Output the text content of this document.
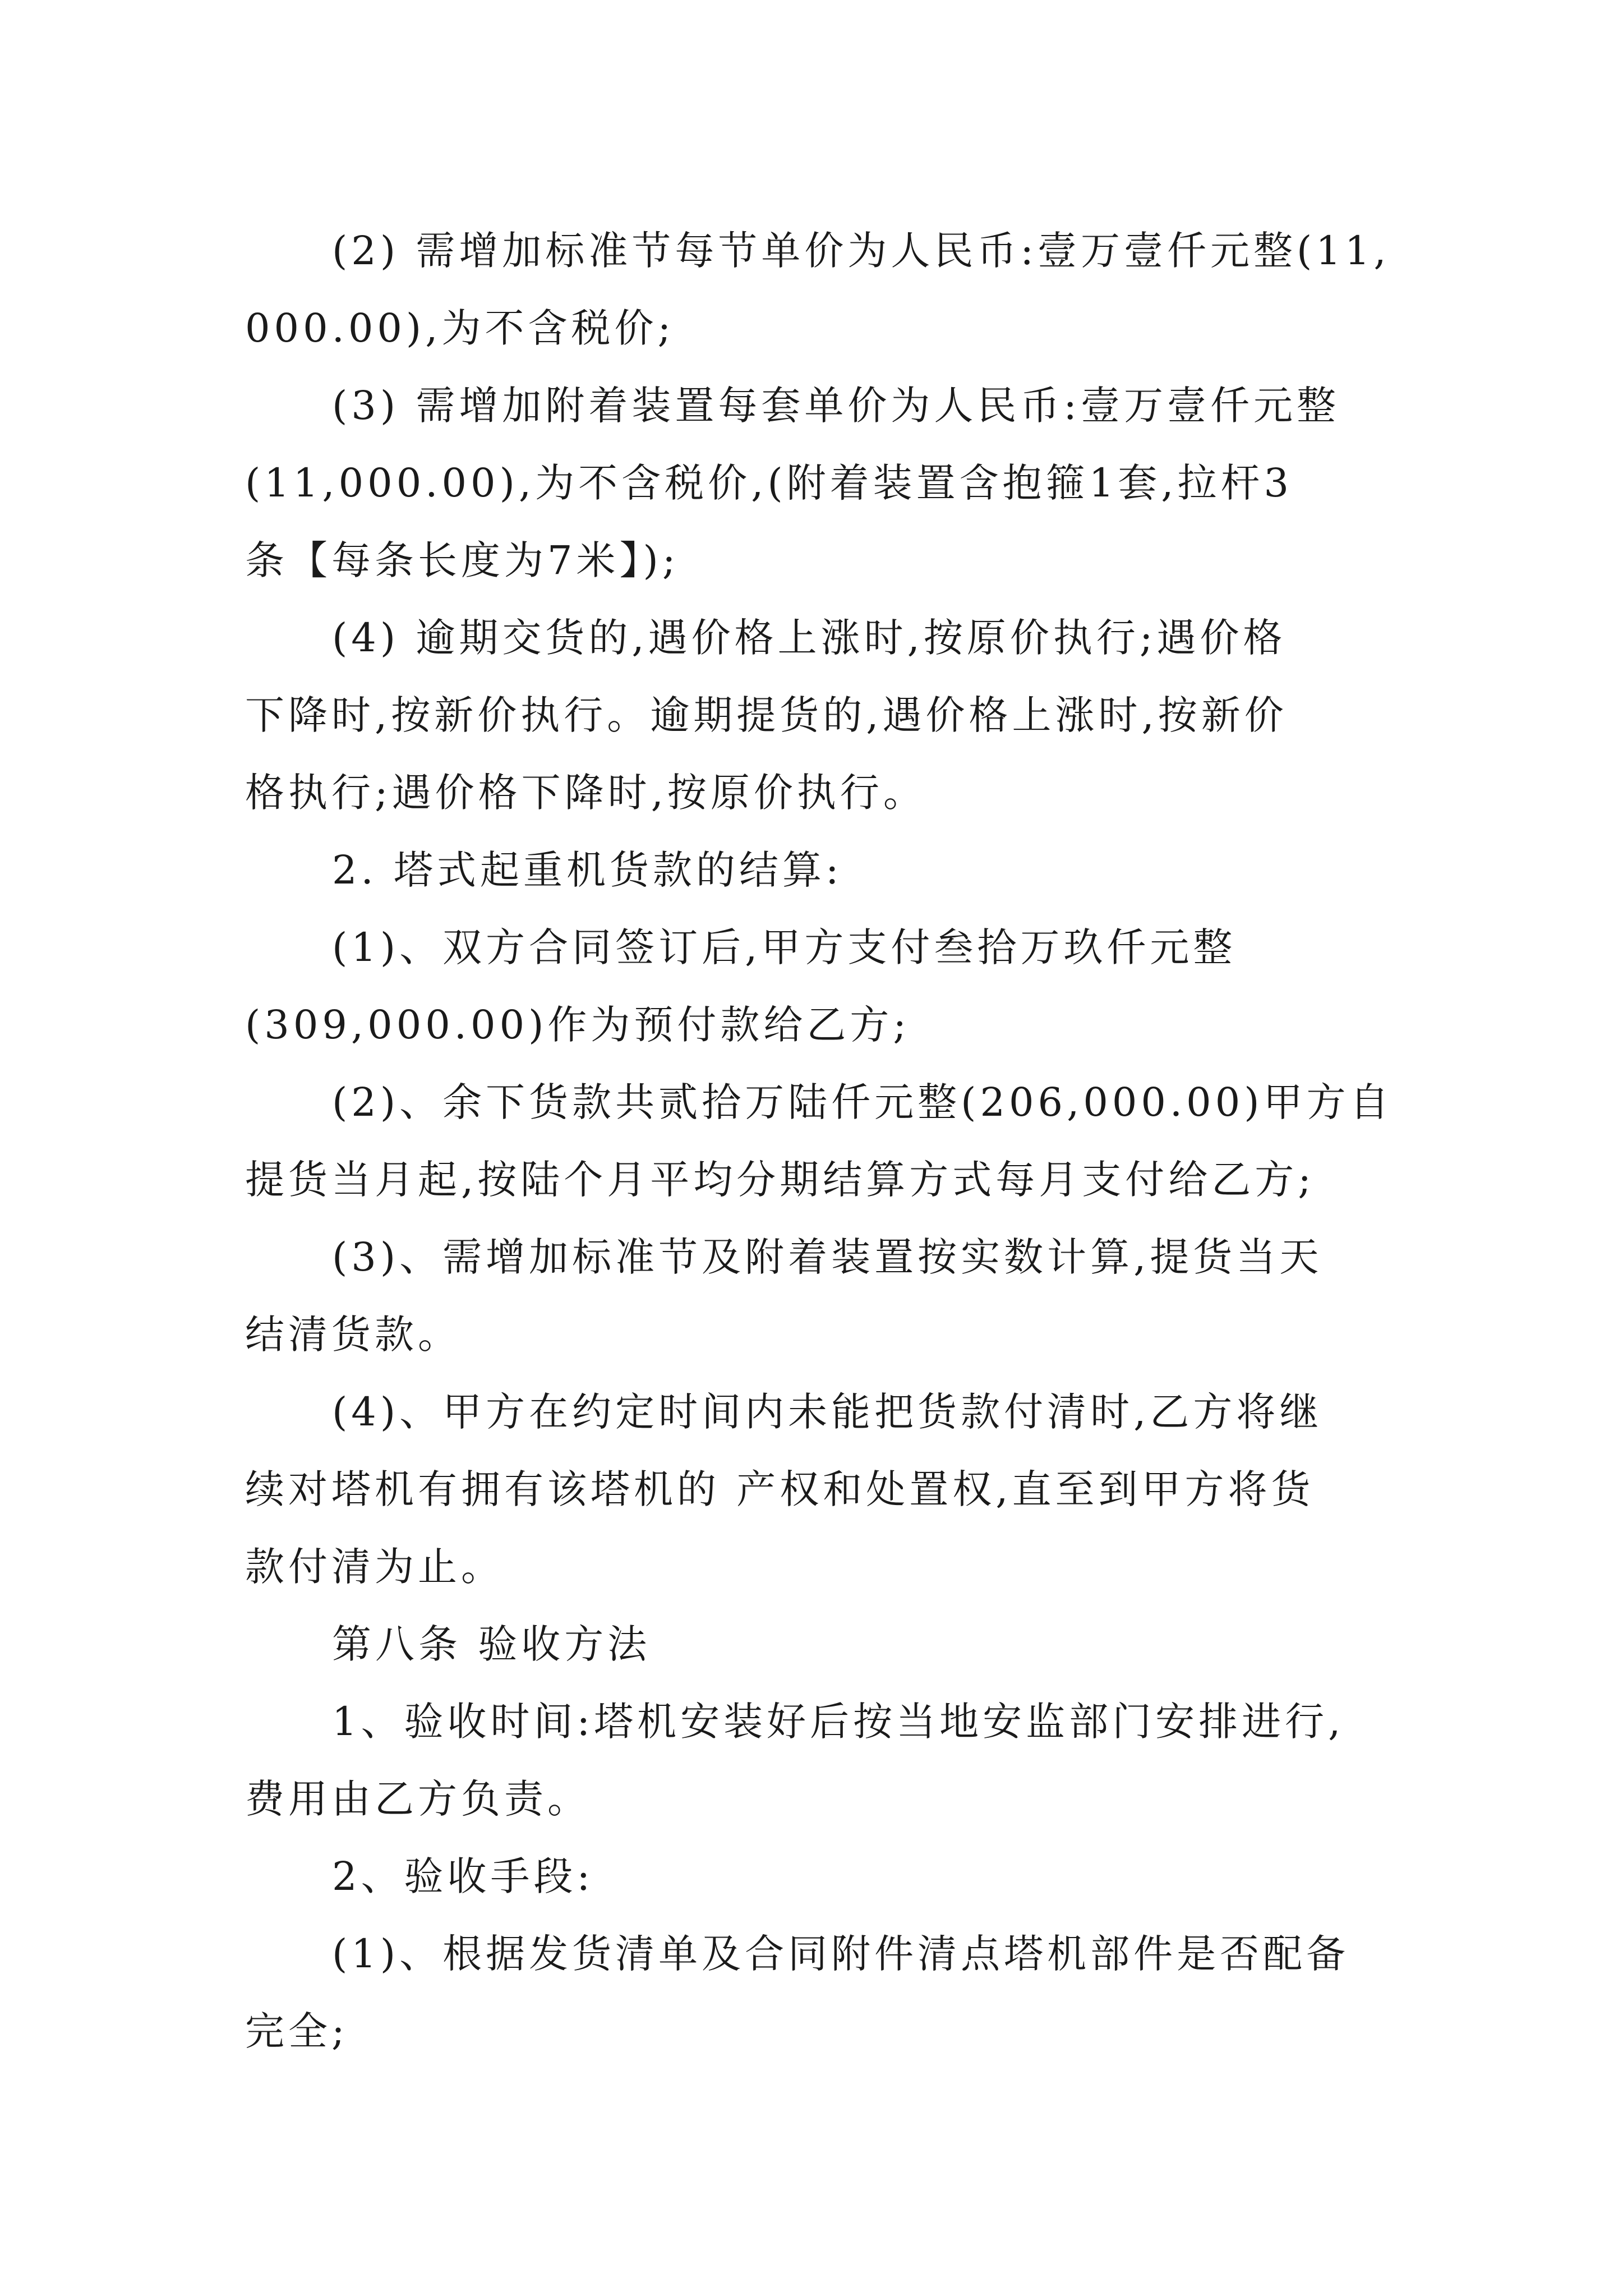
(2) 需增加标准节每节单价为人民币:壹万壹仟元整(11,
000.00),为不含税价;
(3) 需增加附着装置每套单价为人民币:壹万壹仟元整
(11,000.00),为不含税价,(附着装置含抱箍1套,拉杆3
条【每条长度为7米】);
(4) 逾期交货的,遇价格上涨时,按原价执行;遇价格
下降时,按新价执行。逾期提货的,遇价格上涨时,按新价
格执行;遇价格下降时,按原价执行。
2. 塔式起重机货款的结算:
(1)、双方合同签订后,甲方支付叁拾万玖仟元整
(309,000.00)作为预付款给乙方;
(2)、余下货款共贰拾万陆仟元整(206,000.00)甲方自
提货当月起,按陆个月平均分期结算方式每月支付给乙方;
(3)、需增加标准节及附着装置按实数计算,提货当天
结清货款。
(4)、甲方在约定时间内未能把货款付清时,乙方将继
续对塔机有拥有该塔机的 产权和处置权,直至到甲方将货
款付清为止。
第八条 验收方法
1、验收时间:塔机安装好后按当地安监部门安排进行,
费用由乙方负责。
2、验收手段:
(1)、根据发货清单及合同附件清点塔机部件是否配备
完全;
